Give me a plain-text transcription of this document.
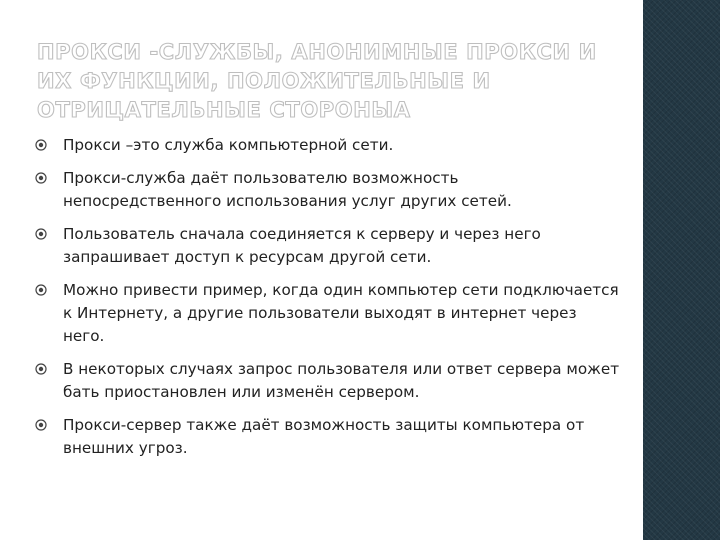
ПРОКСИ -СЛУЖБЫ, АНОНИМНЫЕ ПРОКСИ И ИХ ФУНКЦИИ, ПОЛОЖИТЕЛЬНЫЕ И ОТРИЦАТЕЛЬНЫЕ СТОРОНЫА
Прокси –это служба компьютерной сети.
Прокси-служба даёт пользователю возможность непосредственного использования услуг других сетей.
Пользователь сначала соединяется к серверу и через него запрашивает доступ к ресурсам другой сети.
Можно привести пример, когда один компьютер сети подключается к Интернету, а другие пользователи выходят в интернет через него.
В некоторых случаях запрос пользователя или ответ сервера может бать приостановлен или изменён сервером.
Прокси-сервер также даёт возможность защиты компьютера от внешних угроз.
